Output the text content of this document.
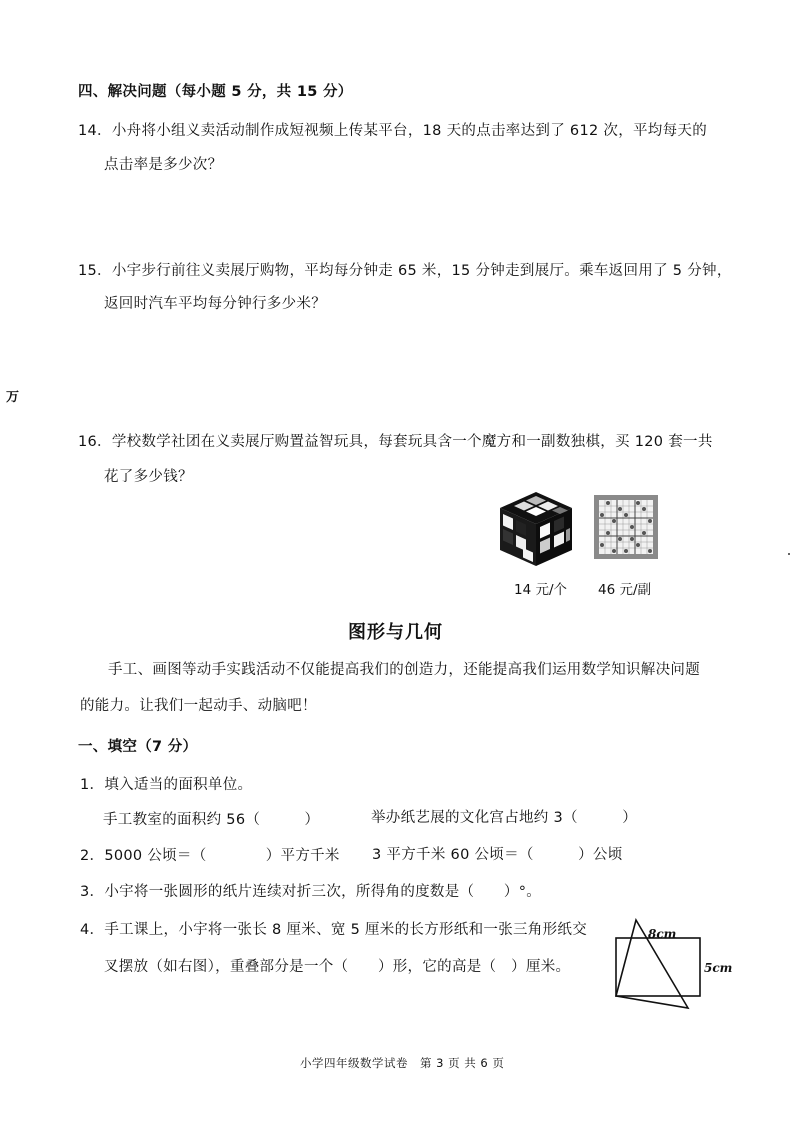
四、解决问题（每小题 5 分，共 15 分）
14．小舟将小组义卖活动制作成短视频上传某平台，18 天的点击率达到了 612 次，平均每天的
点击率是多少次？
15．小宇步行前往义卖展厅购物，平均每分钟走 65 米，15 分钟走到展厅。乘车返回用了 5 分钟，
返回时汽车平均每分钟行多少米？
万
16．学校数学社团在义卖展厅购置益智玩具，每套玩具含一个魔方和一副数独棋，买 120 套一共
花了多少钱？
14 元/个 46 元/副
图形与几何
手工、画图等动手实践活动不仅能提高我们的创造力，还能提高我们运用数学知识解决问题
的能力。让我们一起动手、动脑吧！
一、填空（7 分）
1．填入适当的面积单位。
手工教室的面积约 56（　　　）	举办纸艺展的文化宫占地约 3（　　　）
2．5000 公顷＝（　　　　）平方千米 3 平方千米 60 公顷＝（　　　）公顷
3．小宇将一张圆形的纸片连续对折三次，所得角的度数是（　　）°。
4．手工课上，小宇将一张长 8 厘米、宽 5 厘米的长方形纸和一张三角形纸交
叉摆放（如右图），重叠部分是一个（　　）形，它的高是（　）厘米。
8cm
5cm
小学四年级数学试卷　第 3 页 共 6 页
